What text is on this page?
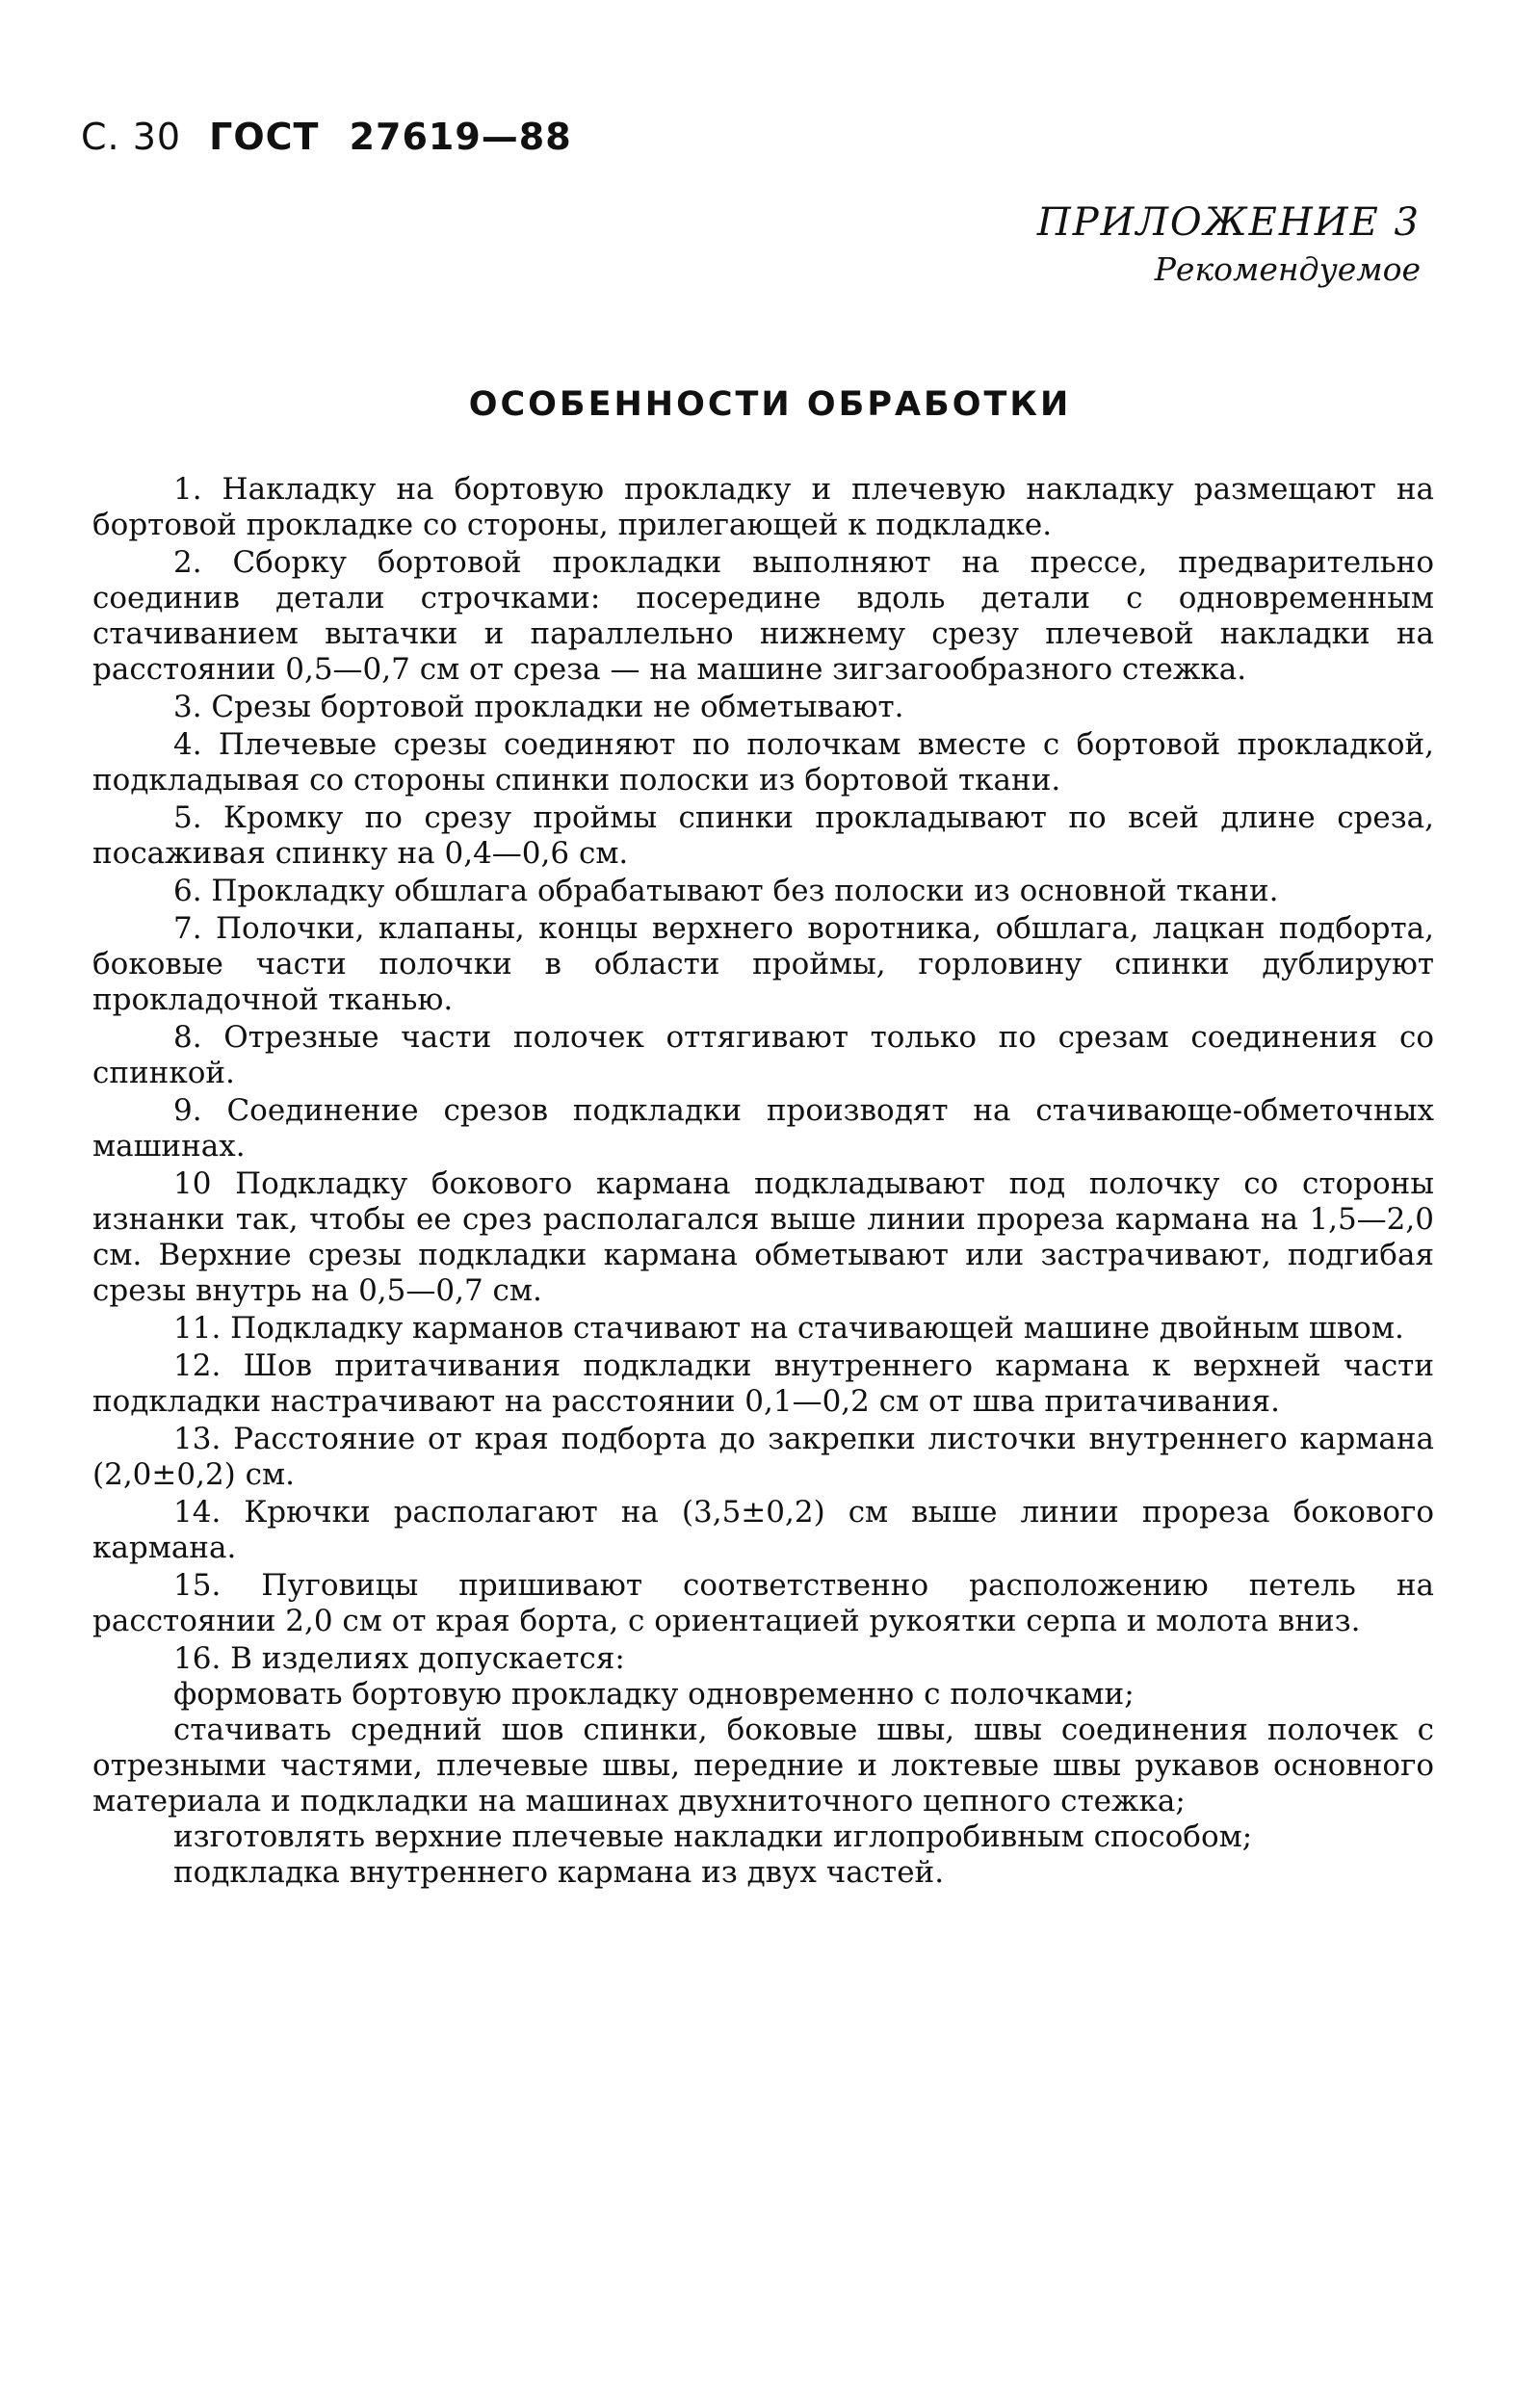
С. 30 ГОСТ 27619—88
ПРИЛОЖЕНИЕ 3
Рекомендуемое
ОСОБЕННОСТИ ОБРАБОТКИ

1. Накладку на бортовую прокладку и плечевую накладку размещают на бортовой прокладке со стороны, прилегающей к подкладке.

2. Сборку бортовой прокладки выполняют на прессе, предварительно соединив детали строчками: посередине вдоль детали с одновременным стачиванием вытачки и параллельно нижнему срезу плечевой накладки на расстоянии 0,5—0,7 см от среза — на машине зигзагообразного стежка.

3. Срезы бортовой прокладки не обметывают.

4. Плечевые срезы соединяют по полочкам вместе с бортовой прокладкой, подкладывая со стороны спинки полоски из бортовой ткани.

5. Кромку по срезу проймы спинки прокладывают по всей длине среза, посаживая спинку на 0,4—0,6 см.

6. Прокладку обшлага обрабатывают без полоски из основной ткани.

7. Полочки, клапаны, концы верхнего воротника, обшлага, лацкан подборта, боковые части полочки в области проймы, горловину спинки дублируют прокладочной тканью.

8. Отрезные части полочек оттягивают только по срезам соединения со спинкой.

9. Соединение срезов подкладки производят на стачивающе-обметочных машинах.

10 Подкладку бокового кармана подкладывают под полочку со стороны изнанки так, чтобы ее срез располагался выше линии прореза кармана на 1,5—2,0 см. Верхние срезы подкладки кармана обметывают или застрачивают, подгибая срезы внутрь на 0,5—0,7 см.

11. Подкладку карманов стачивают на стачивающей машине двойным швом.

12. Шов притачивания подкладки внутреннего кармана к верхней части подкладки настрачивают на расстоянии 0,1—0,2 см от шва притачивания.

13. Расстояние от края подборта до закрепки листочки внутреннего кармана (2,0±0,2) см.

14. Крючки располагают на (3,5±0,2) см выше линии прореза бокового кармана.

15. Пуговицы пришивают соответственно расположению петель на расстоянии 2,0 см от края борта, с ориентацией рукоятки серпа и молота вниз.

16. В изделиях допускается:

формовать бортовую прокладку одновременно с полочками;

стачивать средний шов спинки, боковые швы, швы соединения полочек с отрезными частями, плечевые швы, передние и локтевые швы рукавов основного материала и подкладки на машинах двухниточного цепного стежка;

изготовлять верхние плечевые накладки иглопробивным способом;

подкладка внутреннего кармана из двух частей.
